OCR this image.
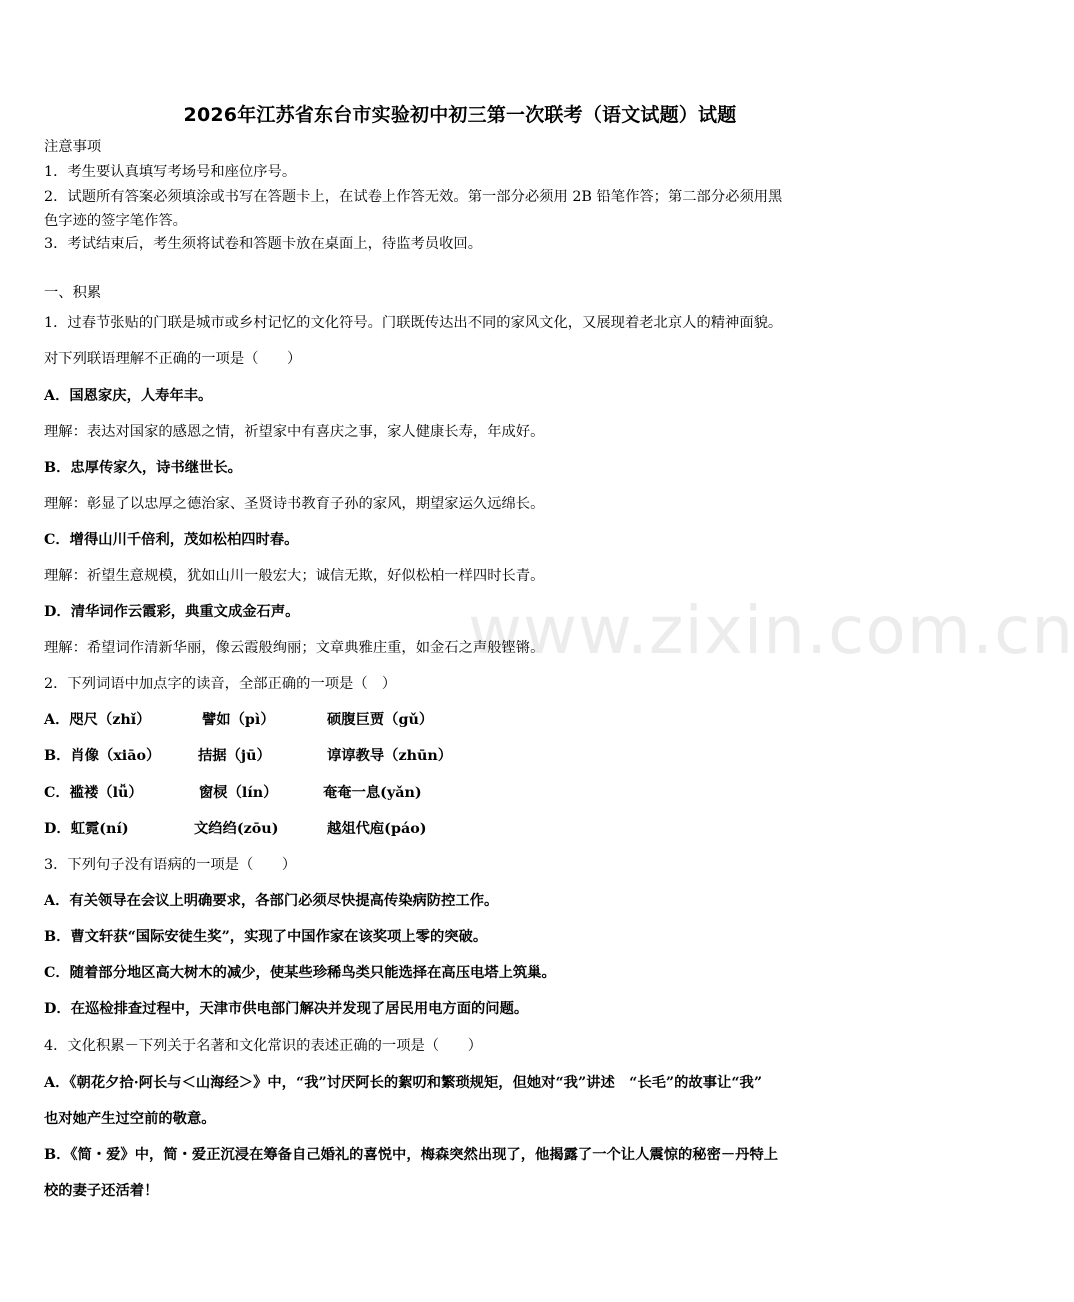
www.zixin.com.cn
2026年江苏省东台市实验初中初三第一次联考（语文试题）试题
注意事项
1．考生要认真填写考场号和座位序号。
2．试题所有答案必须填涂或书写在答题卡上，在试卷上作答无效。第一部分必须用 2B 铅笔作答；第二部分必须用黑
色字迹的签字笔作答。
3．考试结束后，考生须将试卷和答题卡放在桌面上，待监考员收回。
一、积累
1．过春节张贴的门联是城市或乡村记忆的文化符号。门联既传达出不同的家风文化，又展现着老北京人的精神面貌。
对下列联语理解不正确的一项是（　　）
A．国恩家庆，人寿年丰。
理解：表达对国家的感恩之情，祈望家中有喜庆之事，家人健康长寿，年成好。
B．忠厚传家久，诗书继世长。
理解：彰显了以忠厚之德治家、圣贤诗书教育子孙的家风，期望家运久远绵长。
C．增得山川千倍利，茂如松柏四时春。
理解：祈望生意规模，犹如山川一般宏大；诚信无欺，好似松柏一样四时长青。
D．清华词作云霞彩，典重文成金石声。
理解：希望词作清新华丽，像云霞般绚丽；文章典雅庄重，如金石之声般铿锵。
2．下列词语中加点字的读音，全部正确的一项是（　）
A．咫尺（zhǐ）	譬如（pì）	硕腹巨贾（gǔ）
B．肖像（xiāo）	拮据（jū）	谆谆教导（zhūn）
C．褴褛（lǚ）	窗棂（lín）	奄奄一息(yǎn)
D．虹霓(ní)	文绉绉(zōu)	越俎代庖(páo)
3．下列句子没有语病的一项是（　　）
A．有关领导在会议上明确要求，各部门必须尽快提高传染病防控工作。
B．曹文轩获“国际安徒生奖”，实现了中国作家在该奖项上零的突破。
C．随着部分地区高大树木的减少，使某些珍稀鸟类只能选择在高压电塔上筑巢。
D．在巡检排查过程中，天津市供电部门解决并发现了居民用电方面的问题。
4．文化积累－下列关于名著和文化常识的表述正确的一项是（　　）
A．《朝花夕拾·阿长与＜山海经＞》中，“我”讨厌阿长的絮叨和繁琐规矩，但她对“我”讲述　“长毛”的故事让“我”
也对她产生过空前的敬意。
B．《简・爱》中，简・爱正沉浸在筹备自己婚礼的喜悦中，梅森突然出现了，他揭露了一个让人震惊的秘密－丹特上
校的妻子还活着！
